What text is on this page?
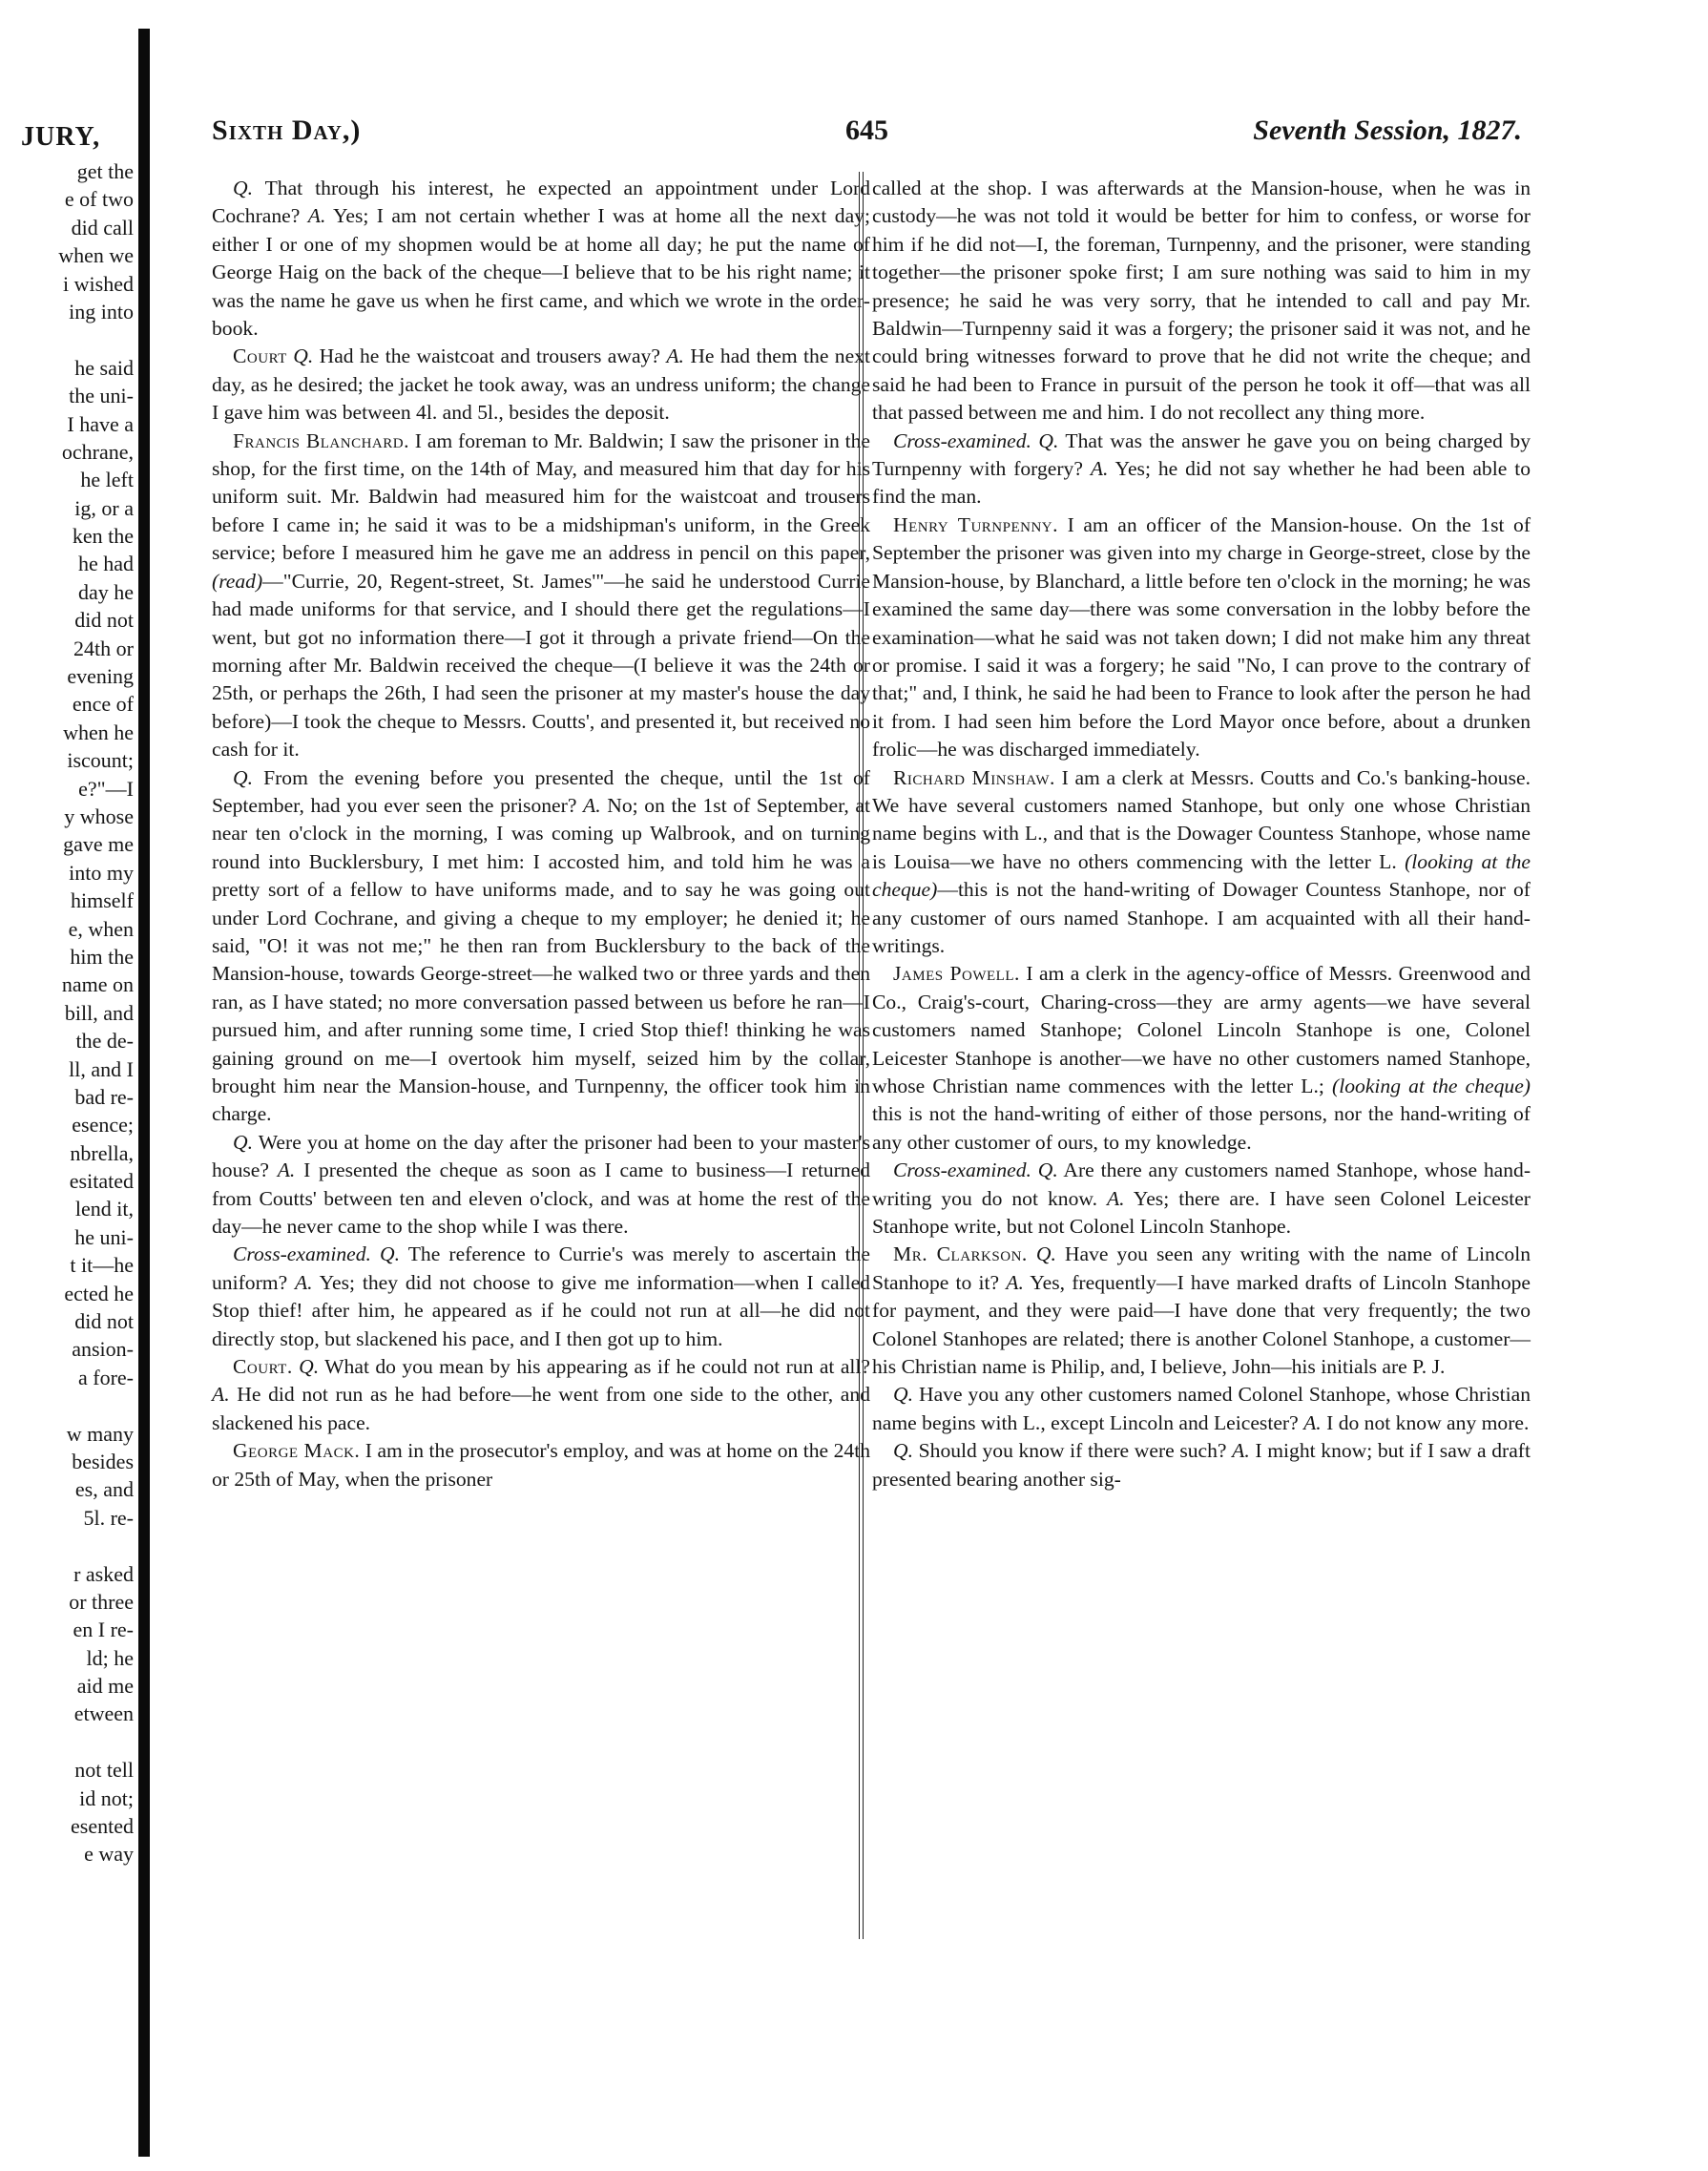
JURY,
get the
e of two
did call
when we
i wished
ing into
he said
the uni-
I have a
ochrane,
he left
ig, or a
ken the
he had
day he
did not
24th or
evening
ence of
when he
iscount;
e?"—I
y whose
gave me
into my
himself
e, when
him the
name on
bill, and
the de-
ll, and I
bad re-
esence;
nbrella,
esitated
lend it,
he uni-
t it—he
ected he
did not
ansion-
a fore-
w many
besides
es, and
5l. re-
r asked
or three
en I re-
ld; he
aid me
etween
not tell
id not;
esented
e way
Sixth Day,)	645	Seventh Session, 1827.

Q. That through his interest, he expected an appointment under Lord Cochrane? A. Yes; I am not certain whether I was at home all the next day; either I or one of my shopmen would be at home all day; he put the name of George Haig on the back of the cheque—I believe that to be his right name; it was the name he gave us when he first came, and which we wrote in the order-book.

Court Q. Had he the waistcoat and trousers away? A. He had them the next day, as he desired; the jacket he took away, was an undress uniform; the change I gave him was between 4l. and 5l., besides the deposit.

Francis Blanchard. I am foreman to Mr. Baldwin; I saw the prisoner in the shop, for the first time, on the 14th of May, and measured him that day for his uniform suit. Mr. Baldwin had measured him for the waistcoat and trousers before I came in; he said it was to be a midshipman's uniform, in the Greek service; before I measured him he gave me an address in pencil on this paper, (read)—"Currie, 20, Regent-street, St. James'"—he said he understood Currie had made uniforms for that service, and I should there get the regulations—I went, but got no information there—I got it through a private friend—On the morning after Mr. Baldwin received the cheque—(I believe it was the 24th or 25th, or perhaps the 26th, I had seen the prisoner at my master's house the day before)—I took the cheque to Messrs. Coutts', and presented it, but received no cash for it.

Q. From the evening before you presented the cheque, until the 1st of September, had you ever seen the prisoner? A. No; on the 1st of September, at near ten o'clock in the morning, I was coming up Walbrook, and on turning round into Bucklersbury, I met him: I accosted him, and told him he was a pretty sort of a fellow to have uniforms made, and to say he was going out under Lord Cochrane, and giving a cheque to my employer; he denied it; he said, "O! it was not me;" he then ran from Bucklersbury to the back of the Mansion-house, towards George-street—he walked two or three yards and then ran, as I have stated; no more conversation passed between us before he ran—I pursued him, and after running some time, I cried Stop thief! thinking he was gaining ground on me—I overtook him myself, seized him by the collar, brought him near the Mansion-house, and Turnpenny, the officer took him in charge.

Q. Were you at home on the day after the prisoner had been to your master's house? A. I presented the cheque as soon as I came to business—I returned from Coutts' between ten and eleven o'clock, and was at home the rest of the day—he never came to the shop while I was there.

Cross-examined. Q. The reference to Currie's was merely to ascertain the uniform? A. Yes; they did not choose to give me information—when I called Stop thief! after him, he appeared as if he could not run at all—he did not directly stop, but slackened his pace, and I then got up to him.

Court. Q. What do you mean by his appearing as if he could not run at all? A. He did not run as he had before—he went from one side to the other, and slackened his pace.

George Mack. I am in the prosecutor's employ, and was at home on the 24th or 25th of May, when the prisoner

called at the shop. I was afterwards at the Mansion-house, when he was in custody—he was not told it would be better for him to confess, or worse for him if he did not—I, the foreman, Turnpenny, and the prisoner, were standing together—the prisoner spoke first; I am sure nothing was said to him in my presence; he said he was very sorry, that he intended to call and pay Mr. Baldwin—Turnpenny said it was a forgery; the prisoner said it was not, and he could bring witnesses forward to prove that he did not write the cheque; and said he had been to France in pursuit of the person he took it off—that was all that passed between me and him. I do not recollect any thing more.

Cross-examined. Q. That was the answer he gave you on being charged by Turnpenny with forgery? A. Yes; he did not say whether he had been able to find the man.

Henry Turnpenny. I am an officer of the Mansion-house. On the 1st of September the prisoner was given into my charge in George-street, close by the Mansion-house, by Blanchard, a little before ten o'clock in the morning; he was examined the same day—there was some conversation in the lobby before the examination—what he said was not taken down; I did not make him any threat or promise. I said it was a forgery; he said "No, I can prove to the contrary of that;" and, I think, he said he had been to France to look after the person he had it from. I had seen him before the Lord Mayor once before, about a drunken frolic—he was discharged immediately.

Richard Minshaw. I am a clerk at Messrs. Coutts and Co.'s banking-house. We have several customers named Stanhope, but only one whose Christian name begins with L., and that is the Dowager Countess Stanhope, whose name is Louisa—we have no others commencing with the letter L. (looking at the cheque)—this is not the hand-writing of Dowager Countess Stanhope, nor of any customer of ours named Stanhope. I am acquainted with all their hand-writings.

James Powell. I am a clerk in the agency-office of Messrs. Greenwood and Co., Craig's-court, Charing-cross—they are army agents—we have several customers named Stanhope; Colonel Lincoln Stanhope is one, Colonel Leicester Stanhope is another—we have no other customers named Stanhope, whose Christian name commences with the letter L.; (looking at the cheque) this is not the hand-writing of either of those persons, nor the hand-writing of any other customer of ours, to my knowledge.

Cross-examined. Q. Are there any customers named Stanhope, whose hand-writing you do not know. A. Yes; there are. I have seen Colonel Leicester Stanhope write, but not Colonel Lincoln Stanhope.

Mr. Clarkson. Q. Have you seen any writing with the name of Lincoln Stanhope to it? A. Yes, frequently—I have marked drafts of Lincoln Stanhope for payment, and they were paid—I have done that very frequently; the two Colonel Stanhopes are related; there is another Colonel Stanhope, a customer—his Christian name is Philip, and, I believe, John—his initials are P. J.

Q. Have you any other customers named Colonel Stanhope, whose Christian name begins with L., except Lincoln and Leicester? A. I do not know any more.

Q. Should you know if there were such? A. I might know; but if I saw a draft presented bearing another sig-
